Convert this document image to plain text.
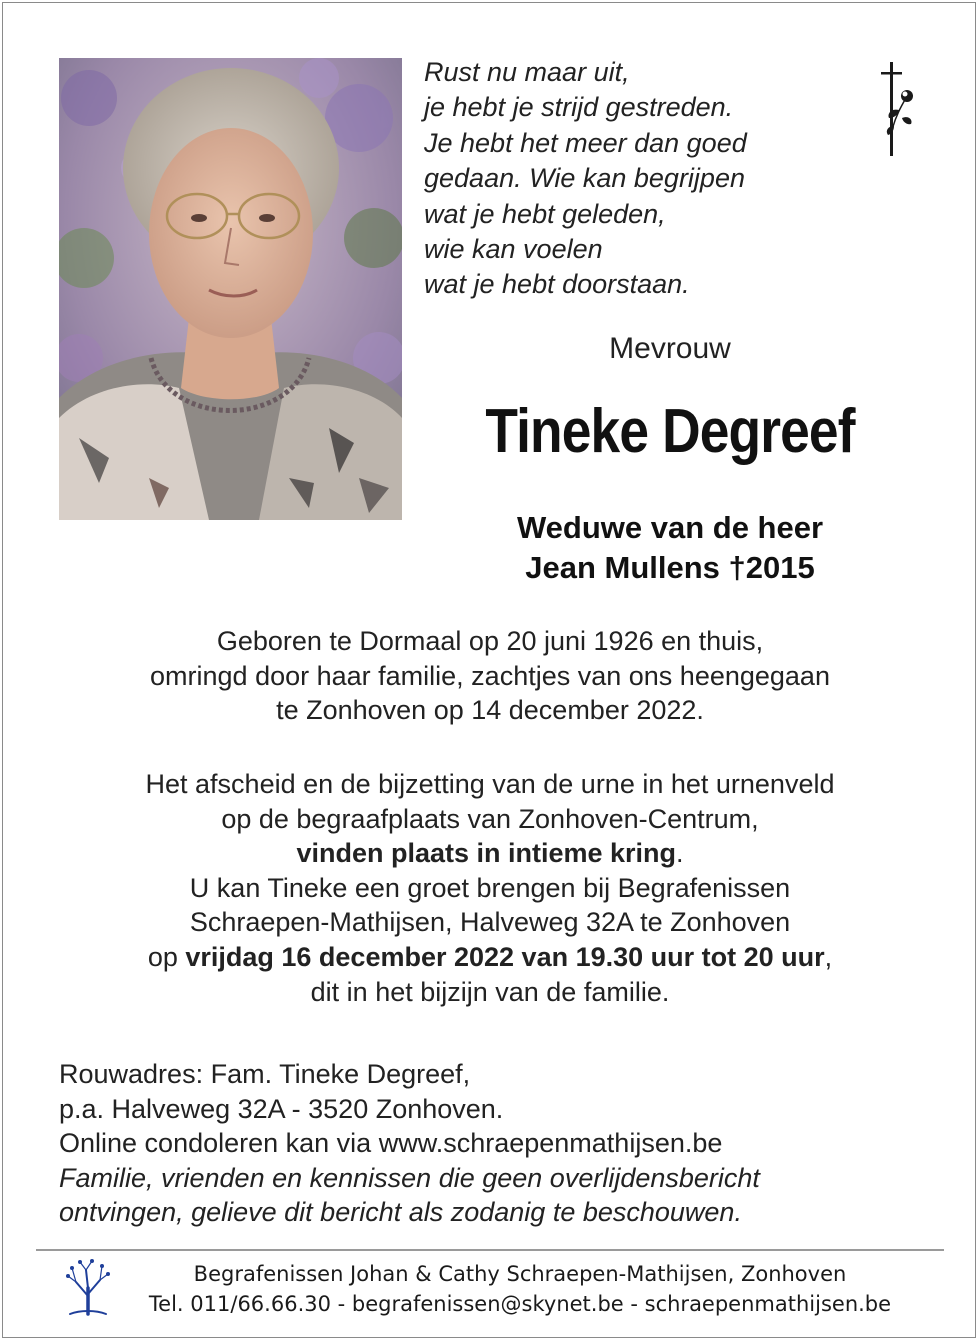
Rust nu maar uit,
je hebt je strijd gestreden.
Je hebt het meer dan goed
gedaan. Wie kan begrijpen
wat je hebt geleden,
wie kan voelen
wat je hebt doorstaan.
Mevrouw
Tineke Degreef
Weduwe van de heer
Jean Mullens †2015
Geboren te Dormaal op 20 juni 1926 en thuis,
omringd door haar familie, zachtjes van ons heengegaan
te Zonhoven op 14 december 2022.
Het afscheid en de bijzetting van de urne in het urnenveld
op de begraafplaats van Zonhoven-Centrum,
vinden plaats in intieme kring.
U kan Tineke een groet brengen bij Begrafenissen
Schraepen-Mathijsen, Halveweg 32A te Zonhoven
op vrijdag 16 december 2022 van 19.30 uur tot 20 uur,
dit in het bijzijn van de familie.
Rouwadres: Fam. Tineke Degreef,
p.a. Halveweg 32A - 3520 Zonhoven.
Online condoleren kan via www.schraepenmathijsen.be
Familie, vrienden en kennissen die geen overlijdensbericht
ontvingen, gelieve dit bericht als zodanig te beschouwen.
Begrafenissen Johan & Cathy Schraepen-Mathijsen, Zonhoven
Tel. 011/66.66.30 - begrafenissen@skynet.be - schraepenmathijsen.be
